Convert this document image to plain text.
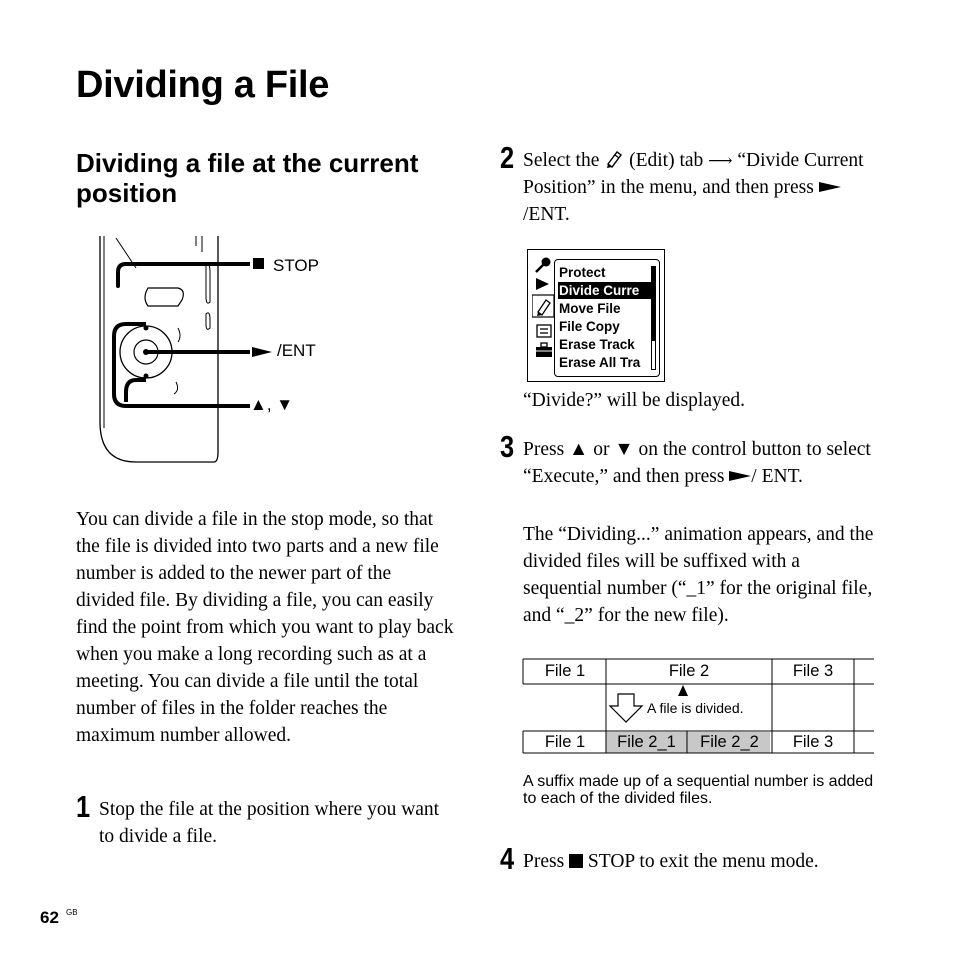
Dividing a File
Dividing a file at the current position
STOP
/ENT
▲, ▼

You can divide a file in the stop mode, so that the file is divided into two parts and a new file number is added to the newer part of the divided file. By dividing a file, you can easily find the point from which you want to play back when you make a long recording such as at a meeting. You can divide a file until the total number of files in the folder reaches the maximum number allowed.

1 Stop the file at the position where you want to divide a file.

2 Select the (Edit) tab ⟶ “Divide Current Position” in the menu, and then press /ENT.

Protect
Divide Curre
Move File
File Copy
Erase Track
Erase All Tra

“Divide?” will be displayed.

3 Press ▲ or ▼ on the control button to select “Execute,” and then press / ENT.

The “Dividing...” animation appears, and the divided files will be suffixed with a sequential number (“_1” for the original file, and “_2” for the new file).

File 1	File 2	File 3
A file is divided.
File 1	File 2_1	File 2_2	File 3

A suffix made up of a sequential number is added to each of the divided files.

4 Press STOP to exit the menu mode.

62 GB
